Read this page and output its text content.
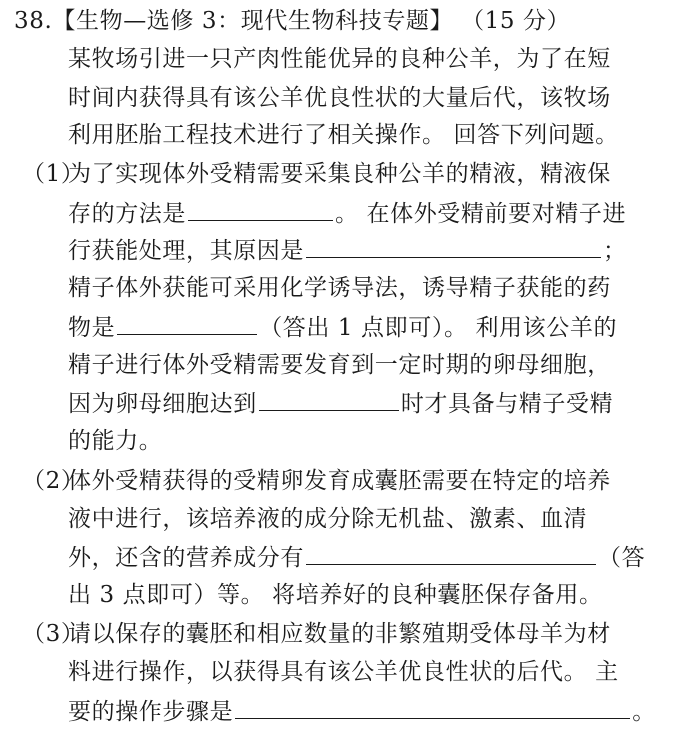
38.【生物—选修 3：现代生物科技专题】 （15 分）
某牧场引进一只产肉性能优异的良种公羊，为了在短
时间内获得具有该公羊优良性状的大量后代，该牧场
利用胚胎工程技术进行了相关操作。 回答下列问题。
（1）
为了实现体外受精需要采集良种公羊的精液，精液保
存的方法是	。 在体外受精前要对精子进
行获能处理，其原因是	；
精子体外获能可采用化学诱导法，诱导精子获能的药
物是	（答出 1 点即可）。 利用该公羊的
精子进行体外受精需要发育到一定时期的卵母细胞，
因为卵母细胞达到	时才具备与精子受精
的能力。
（2）
体外受精获得的受精卵发育成囊胚需要在特定的培养
液中进行，该培养液的成分除无机盐、激素、血清
外，还含的营养成分有	（答
出 3 点即可）等。 将培养好的良种囊胚保存备用。
（3）
请以保存的囊胚和相应数量的非繁殖期受体母羊为材
料进行操作，以获得具有该公羊优良性状的后代。 主
要的操作步骤是	。
